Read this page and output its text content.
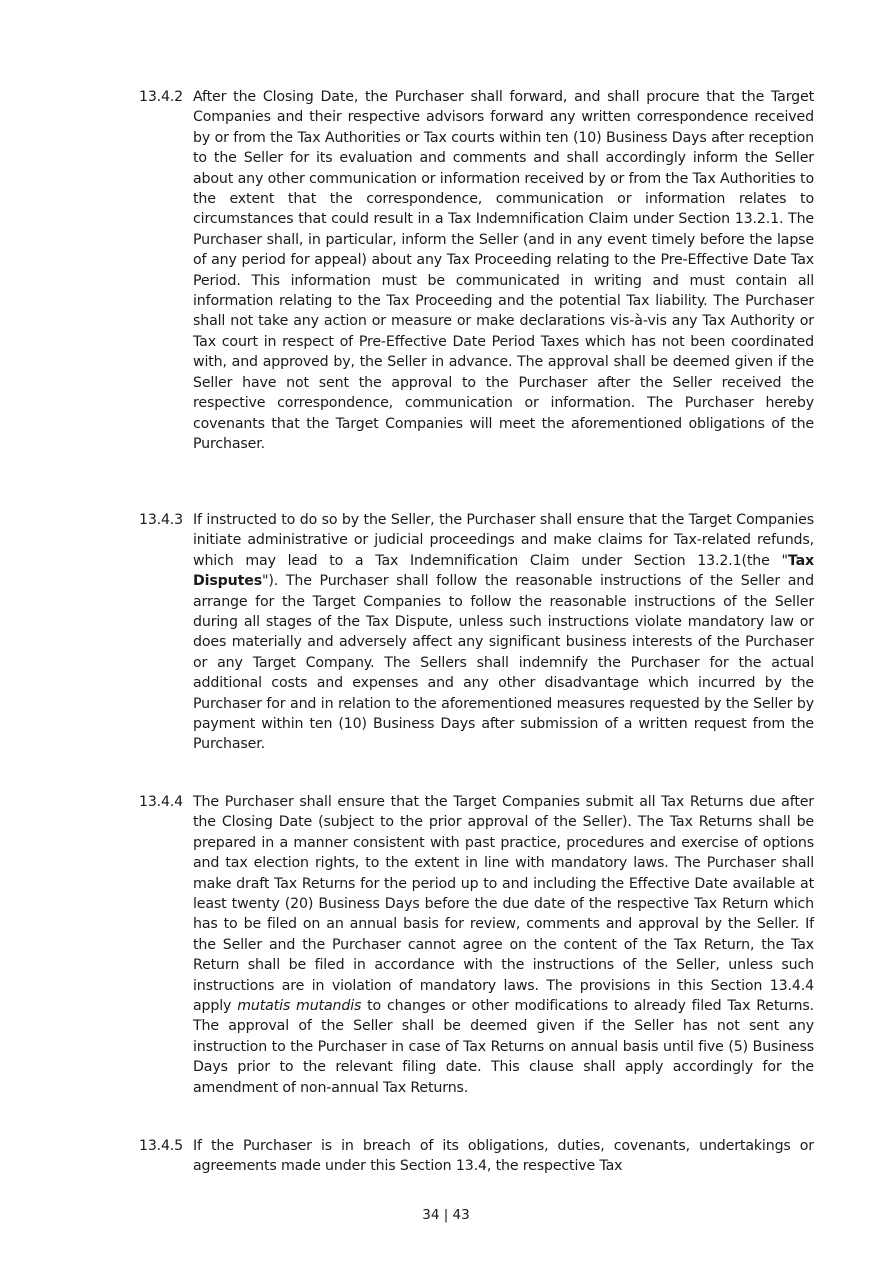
13.4.2 After the Closing Date, the Purchaser shall forward, and shall procure that the Target Companies and their respective advisors forward any written correspondence received by or from the Tax Authorities or Tax courts within ten (10) Business Days after reception to the Seller for its evaluation and comments and shall accordingly inform the Seller about any other communication or information received by or from the Tax Authorities to the extent that the correspondence, communication or information relates to circumstances that could result in a Tax Indemnification Claim under Section 13.2.1. The Purchaser shall, in particular, inform the Seller (and in any event timely before the lapse of any period for appeal) about any Tax Proceeding relating to the Pre-Effective Date Tax Period. This information must be communicated in writing and must contain all information relating to the Tax Proceeding and the potential Tax liability. The Purchaser shall not take any action or measure or make declarations vis-à-vis any Tax Authority or Tax court in respect of Pre-Effective Date Period Taxes which has not been coordinated with, and approved by, the Seller in advance. The approval shall be deemed given if the Seller have not sent the approval to the Purchaser after the Seller received the respective correspondence, communication or information. The Purchaser hereby covenants that the Target Companies will meet the aforementioned obligations of the Purchaser.
13.4.3 If instructed to do so by the Seller, the Purchaser shall ensure that the Target Companies initiate administrative or judicial proceedings and make claims for Tax-related refunds, which may lead to a Tax Indemnification Claim under Section 13.2.1(the "Tax Disputes"). The Purchaser shall follow the reasonable instructions of the Seller and arrange for the Target Companies to follow the reasonable instructions of the Seller during all stages of the Tax Dispute, unless such instructions violate mandatory law or does materially and adversely affect any significant business interests of the Purchaser or any Target Company. The Sellers shall indemnify the Purchaser for the actual additional costs and expenses and any other disadvantage which incurred by the Purchaser for and in relation to the aforementioned measures requested by the Seller by payment within ten (10) Business Days after submission of a written request from the Purchaser.
13.4.4 The Purchaser shall ensure that the Target Companies submit all Tax Returns due after the Closing Date (subject to the prior approval of the Seller). The Tax Returns shall be prepared in a manner consistent with past practice, procedures and exercise of options and tax election rights, to the extent in line with mandatory laws. The Purchaser shall make draft Tax Returns for the period up to and including the Effective Date available at least twenty (20) Business Days before the due date of the respective Tax Return which has to be filed on an annual basis for review, comments and approval by the Seller. If the Seller and the Purchaser cannot agree on the content of the Tax Return, the Tax Return shall be filed in accordance with the instructions of the Seller, unless such instructions are in violation of mandatory laws. The provisions in this Section 13.4.4 apply mutatis mutandis to changes or other modifications to already filed Tax Returns. The approval of the Seller shall be deemed given if the Seller has not sent any instruction to the Purchaser in case of Tax Returns on annual basis until five (5) Business Days prior to the relevant filing date. This clause shall apply accordingly for the amendment of non-annual Tax Returns.
13.4.5 If the Purchaser is in breach of its obligations, duties, covenants, undertakings or agreements made under this Section 13.4, the respective Tax
34 | 43
